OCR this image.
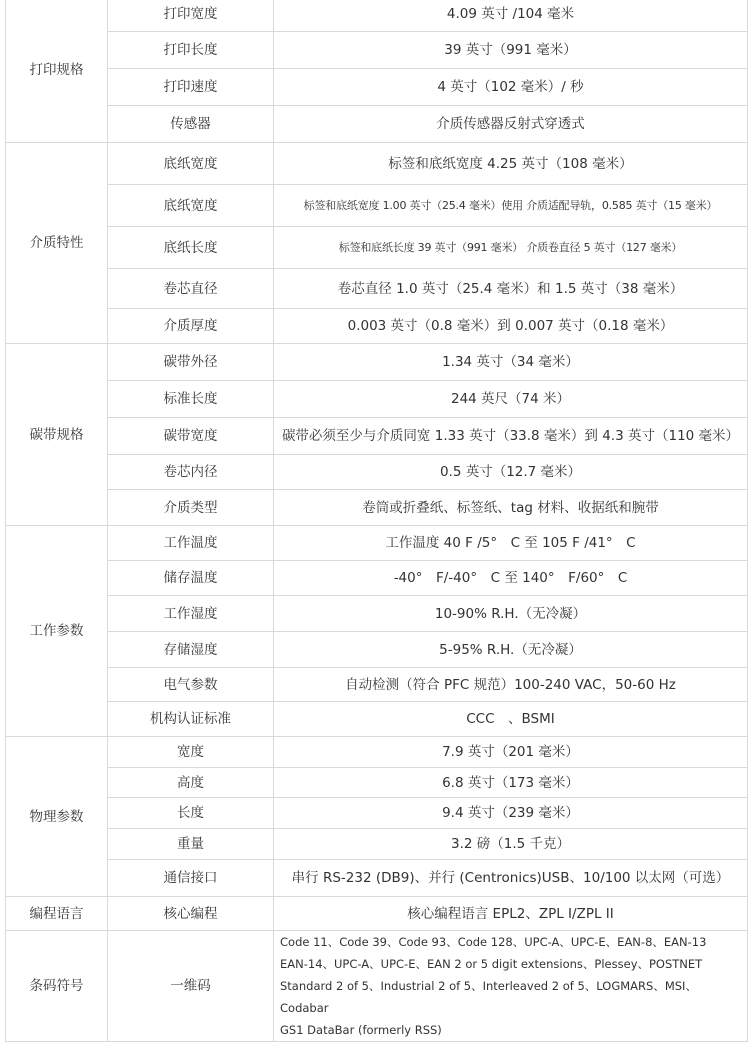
打印规格	打印宽度	4.09 英寸 /104 毫米
	打印长度	39 英寸（991 毫米）
	打印速度	4 英寸（102 毫米）/ 秒
	传感器	介质传感器反射式穿透式
介质特性	底纸宽度	标签和底纸宽度 4.25 英寸（108 毫米）
	底纸宽度	标签和底纸宽度 1.00 英寸（25.4 毫米）使用 介质适配导轨，0.585 英寸（15 毫米）
	底纸长度	标签和底纸长度 39 英寸（991 毫米） 介质卷直径 5 英寸（127 毫米）
	卷芯直径	卷芯直径 1.0 英寸（25.4 毫米）和 1.5 英寸（38 毫米）
	介质厚度	0.003 英寸（0.8 毫米）到 0.007 英寸（0.18 毫米）
碳带规格	碳带外径	1.34 英寸（34 毫米）
	标准长度	244 英尺（74 米）
	碳带宽度	碳带必须至少与介质同宽 1.33 英寸（33.8 毫米）到 4.3 英寸（110 毫米）
	卷芯内径	0.5 英寸（12.7 毫米）
	介质类型	卷筒或折叠纸、标签纸、tag 材料、收据纸和腕带
工作参数	工作温度	工作温度 40 F /5°　C 至 105 F /41°　C
	储存温度	-40°　F/-40°　C 至 140°　F/60°　C
	工作湿度	10-90% R.H.（无冷凝）
	存储湿度	5-95% R.H.（无冷凝）
	电气参数	自动检测（符合 PFC 规范）100-240 VAC，50-60 Hz
	机构认证标准	CCC　、BSMI
物理参数	宽度	7.9 英寸（201 毫米）
	高度	6.8 英寸（173 毫米）
	长度	9.4 英寸（239 毫米）
	重量	3.2 磅（1.5 千克）
	通信接口	串行 RS-232 (DB9)、并行 (Centronics)USB、10/100 以太网（可选）
编程语言	核心编程	核心编程语言 EPL2、ZPL I/ZPL II
条码符号	一维码	Code 11、Code 39、Code 93、Code 128、UPC-A、UPC-E、EAN-8、EAN-13
EAN-14、UPC-A、UPC-E、EAN 2 or 5 digit extensions、Plessey、POSTNET
Standard 2 of 5、Industrial 2 of 5、Interleaved 2 of 5、LOGMARS、MSI、Codabar
GS1 DataBar (formerly RSS)
